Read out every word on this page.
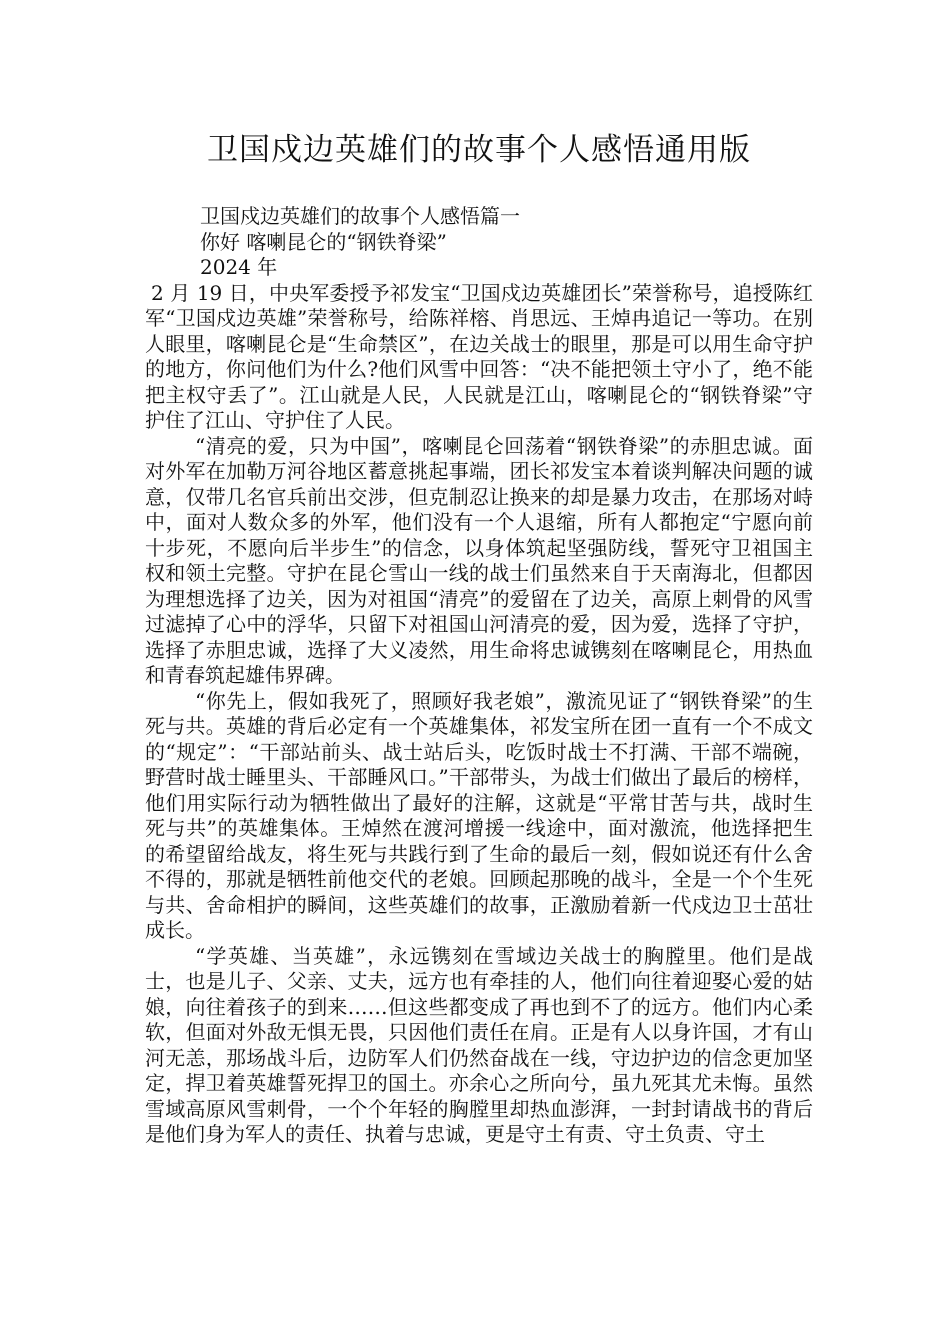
卫国戍边英雄们的故事个人感悟通用版
卫国戍边英雄们的故事个人感悟篇一
你好 喀喇昆仑的“钢铁脊梁”
2024 年

2 月 19 日，中央军委授予祁发宝“卫国戍边英雄团长”荣誉称号，追授陈红军“卫国戍边英雄”荣誉称号，给陈祥榕、肖思远、王焯冉追记一等功。在别人眼里，喀喇昆仑是“生命禁区”，在边关战士的眼里，那是可以用生命守护的地方，你问他们为什么?他们风雪中回答：“决不能把领土守小了，绝不能把主权守丢了”。江山就是人民，人民就是江山，喀喇昆仑的“钢铁脊梁”守护住了江山、守护住了人民。

“清亮的爱，只为中国”，喀喇昆仑回荡着“钢铁脊梁”的赤胆忠诚。面对外军在加勒万河谷地区蓄意挑起事端，团长祁发宝本着谈判解决问题的诚意，仅带几名官兵前出交涉，但克制忍让换来的却是暴力攻击，在那场对峙中，面对人数众多的外军，他们没有一个人退缩，所有人都抱定“宁愿向前十步死，不愿向后半步生”的信念，以身体筑起坚强防线，誓死守卫祖国主权和领土完整。守护在昆仑雪山一线的战士们虽然来自于天南海北，但都因为理想选择了边关，因为对祖国“清亮”的爱留在了边关，高原上刺骨的风雪过滤掉了心中的浮华，只留下对祖国山河清亮的爱，因为爱，选择了守护，选择了赤胆忠诚，选择了大义凌然，用生命将忠诚镌刻在喀喇昆仑，用热血和青春筑起雄伟界碑。

“你先上，假如我死了，照顾好我老娘”，激流见证了“钢铁脊梁”的生死与共。英雄的背后必定有一个英雄集体，祁发宝所在团一直有一个不成文的“规定”：“干部站前头、战士站后头，吃饭时战士不打满、干部不端碗，野营时战士睡里头、干部睡风口。”干部带头，为战士们做出了最后的榜样，他们用实际行动为牺牲做出了最好的注解，这就是“平常甘苦与共，战时生死与共”的英雄集体。王焯然在渡河增援一线途中，面对激流，他选择把生的希望留给战友，将生死与共践行到了生命的最后一刻，假如说还有什么舍不得的，那就是牺牲前他交代的老娘。回顾起那晚的战斗，全是一个个生死与共、舍命相护的瞬间，这些英雄们的故事，正激励着新一代戍边卫士茁壮成长。

“学英雄、当英雄”，永远镌刻在雪域边关战士的胸膛里。他们是战士，也是儿子、父亲、丈夫，远方也有牵挂的人，他们向往着迎娶心爱的姑娘，向往着孩子的到来……但这些都变成了再也到不了的远方。他们内心柔软，但面对外敌无惧无畏，只因他们责任在肩。正是有人以身许国，才有山河无恙，那场战斗后，边防军人们仍然奋战在一线，守边护边的信念更加坚定，捍卫着英雄誓死捍卫的国土。亦余心之所向兮，虽九死其尤未悔。虽然雪域高原风雪刺骨，一个个年轻的胸膛里却热血澎湃，一封封请战书的背后是他们身为军人的责任、执着与忠诚，更是守土有责、守土负责、守土
